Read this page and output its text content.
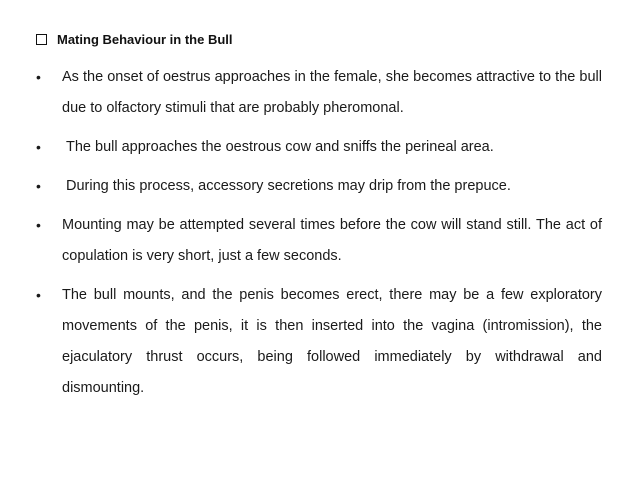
Mating Behaviour in the Bull
•	As the onset of oestrus approaches in the female, she becomes attractive to the bull due to olfactory stimuli that are probably pheromonal.
•	The bull approaches the oestrous cow and sniffs the perineal area.
•	During this process, accessory secretions may drip from the prepuce.
•	Mounting may be attempted several times before the cow will stand still. The act of copulation is very short, just a few seconds.
•	The bull mounts, and the penis becomes erect, there may be a few exploratory movements of the penis, it is then inserted into the vagina (intromission), the ejaculatory thrust occurs, being followed immediately by withdrawal and dismounting.
